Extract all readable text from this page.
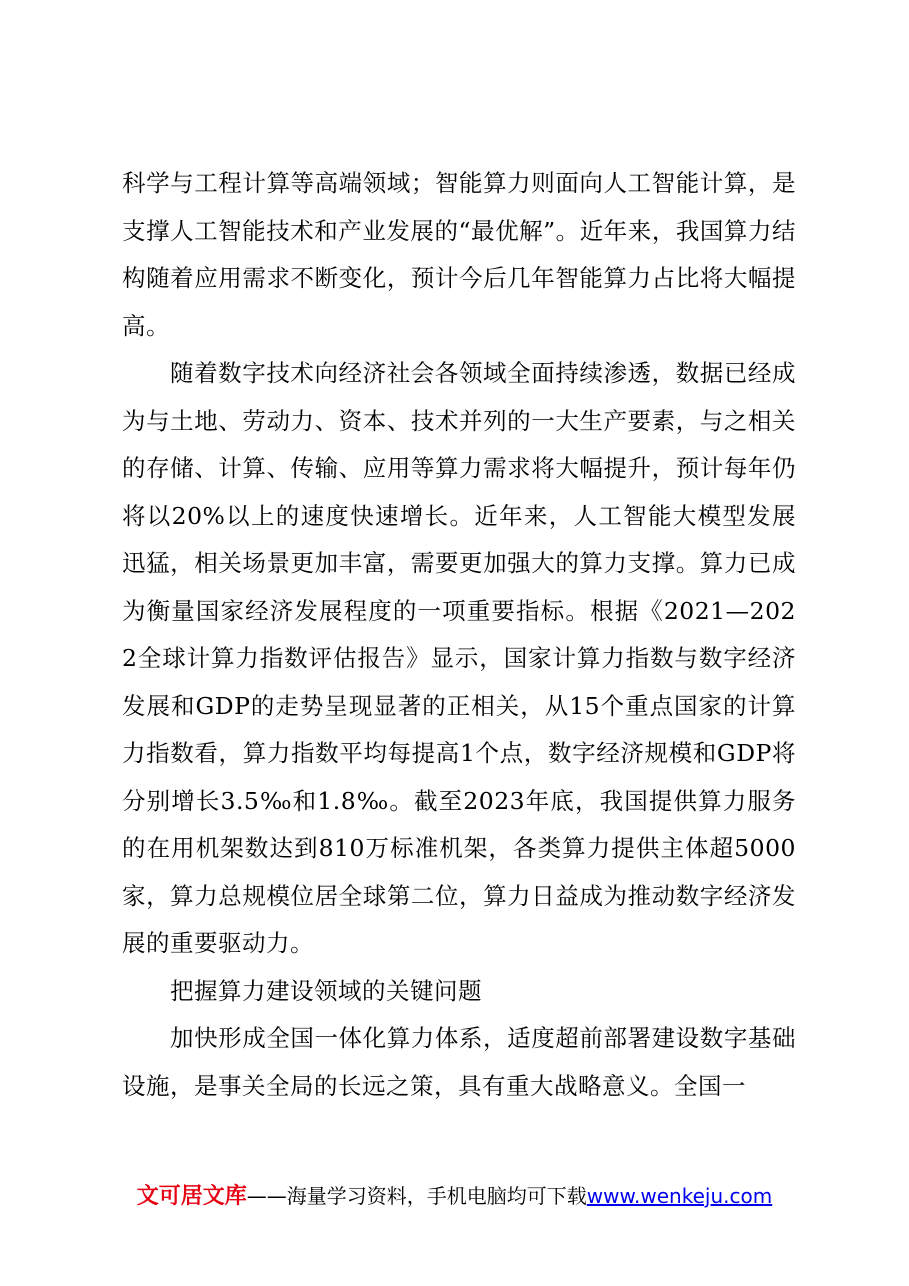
科学与工程计算等高端领域；智能算力则面向人工智能计算，是支撑人工智能技术和产业发展的“最优解”。近年来，我国算力结构随着应用需求不断变化，预计今后几年智能算力占比将大幅提高。

随着数字技术向经济社会各领域全面持续渗透，数据已经成为与土地、劳动力、资本、技术并列的一大生产要素，与之相关的存储、计算、传输、应用等算力需求将大幅提升，预计每年仍将以20%以上的速度快速增长。近年来，人工智能大模型发展迅猛，相关场景更加丰富，需要更加强大的算力支撑。算力已成为衡量国家经济发展程度的一项重要指标。根据《2021—2022全球计算力指数评估报告》显示，国家计算力指数与数字经济发展和GDP的走势呈现显著的正相关，从15个重点国家的计算力指数看，算力指数平均每提高1个点，数字经济规模和GDP将分别增长3.5‰和1.8‰。截至2023年底，我国提供算力服务的在用机架数达到810万标准机架，各类算力提供主体超5000家，算力总规模位居全球第二位，算力日益成为推动数字经济发展的重要驱动力。

把握算力建设领域的关键问题

加快形成全国一体化算力体系，适度超前部署建设数字基础设施，是事关全局的长远之策，具有重大战略意义。全国一

文可居文库——海量学习资料，手机电脑均可下载www.wenkeju.com
